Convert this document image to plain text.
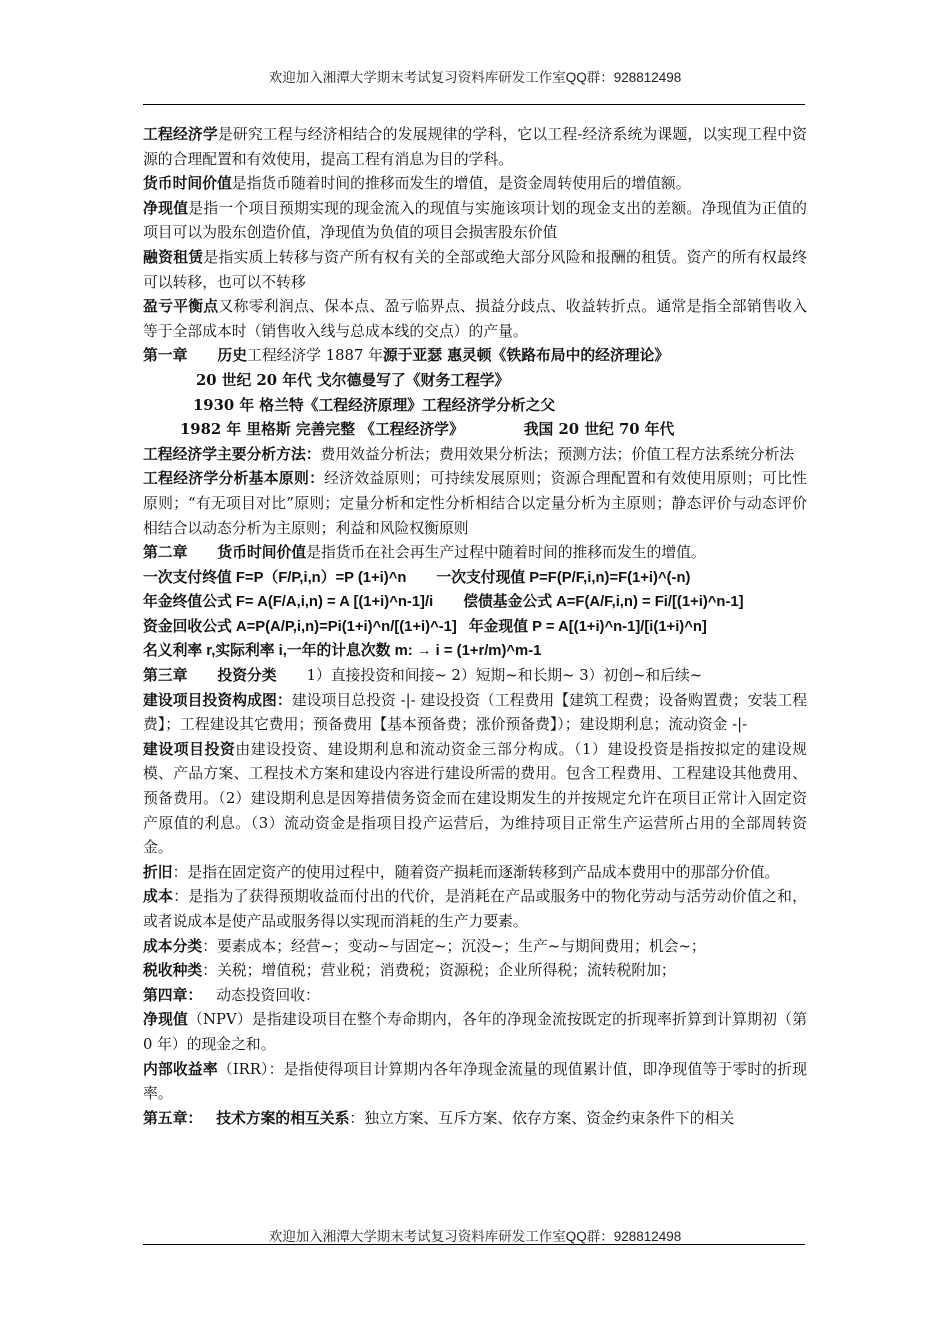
欢迎加入湘潭大学期末考试复习资料库研发工作室QQ群：928812498

工程经济学是研究工程与经济相结合的发展规律的学科，它以工程-经济系统为课题，以实现工程中资源的合理配置和有效使用，提高工程有消息为目的学科。

货币时间价值是指货币随着时间的推移而发生的增值，是资金周转使用后的增值额。

净现值是指一个项目预期实现的现金流入的现值与实施该项计划的现金支出的差额。净现值为正值的项目可以为股东创造价值，净现值为负值的项目会损害股东价值

融资租赁是指实质上转移与资产所有权有关的全部或绝大部分风险和报酬的租赁。资产的所有权最终可以转移，也可以不转移

盈亏平衡点又称零利润点、保本点、盈亏临界点、损益分歧点、收益转折点。通常是指全部销售收入等于全部成本时（销售收入线与总成本线的交点）的产量。

第一章 历史工程经济学 1887 年源于亚瑟 惠灵顿《铁路布局中的经济理论》

20 世纪 20 年代 戈尔德曼写了《财务工程学》

1930 年 格兰特《工程经济原理》工程经济学分析之父

1982 年 里格斯 完善完整 《工程经济学》	我国 20 世纪 70 年代

工程经济学主要分析方法：费用效益分析法；费用效果分析法；预测方法；价值工程方法系统分析法

工程经济学分析基本原则：经济效益原则；可持续发展原则；资源合理配置和有效使用原则；可比性原则；“有无项目对比”原则；定量分析和定性分析相结合以定量分析为主原则；静态评价与动态评价相结合以动态分析为主原则；利益和风险权衡原则

第二章 货币时间价值是指货币在社会再生产过程中随着时间的推移而发生的增值。

一次支付终值 F=P（F/P,i,n）=P (1+i)^n 一次支付现值 P=F(P/F,i,n)=F(1+i)^(-n)

年金终值公式 F= A(F/A,i,n) = A [(1+i)^n-1]/i 偿债基金公式 A=F(A/F,i,n) = Fi/[(1+i)^n-1]

资金回收公式 A=P(A/P,i,n)=Pi(1+i)^n/[(1+i)^-1] 年金现值 P = A[(1+i)^n-1]/[i(1+i)^n]

名义利率 r,实际利率 i,一年的计息次数 m: → i = (1+r/m)^m-1

第三章 投资分类 1）直接投资和间接~ 2）短期~和长期~ 3）初创~和后续~

建设项目投资构成图：建设项目总投资 -|- 建设投资（工程费用【建筑工程费；设备购置费；安装工程费】；工程建设其它费用；预备费用【基本预备费；涨价预备费】）；建设期利息；流动资金 -|-

建设项目投资由建设投资、建设期利息和流动资金三部分构成。（1）建设投资是指按拟定的建设规模、产品方案、工程技术方案和建设内容进行建设所需的费用。包含工程费用、工程建设其他费用、预备费用。（2）建设期利息是因筹措债务资金而在建设期发生的并按规定允许在项目正常计入固定资产原值的利息。（3）流动资金是指项目投产运营后，为维持项目正常生产运营所占用的全部周转资金。

折旧：是指在固定资产的使用过程中，随着资产损耗而逐渐转移到产品成本费用中的那部分价值。

成本：是指为了获得预期收益而付出的代价，是消耗在产品或服务中的物化劳动与活劳动价值之和，或者说成本是使产品或服务得以实现而消耗的生产力要素。

成本分类：要素成本；经营~；变动~与固定~；沉没~；生产~与期间费用；机会~；

税收种类：关税；增值税；营业税；消费税；资源税；企业所得税；流转税附加；

第四章： 动态投资回收：

净现值（NPV）是指建设项目在整个寿命期内，各年的净现金流按既定的折现率折算到计算期初（第 0 年）的现金之和。

内部收益率（IRR）：是指使得项目计算期内各年净现金流量的现值累计值，即净现值等于零时的折现率。

第五章： 技术方案的相互关系：独立方案、互斥方案、依存方案、资金约束条件下的相关

欢迎加入湘潭大学期末考试复习资料库研发工作室QQ群：928812498
